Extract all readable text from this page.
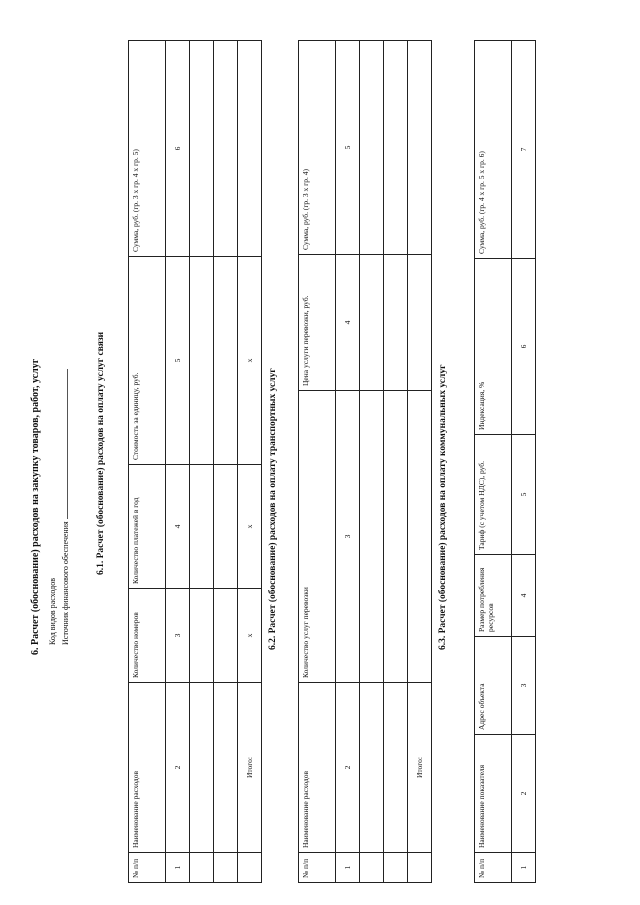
6. Расчет (обоснование) расходов на закупку товаров, работ, услуг Код видов расходов Источник финансового обеспечения
6.1. Расчет (обоснование) расходов на оплату услуг связи
№ п/п	Наименование расходов	Количество номеров	Количество платежей в год	Стоимость за единицу, руб.	Сумма, руб. (гр. 3 x гр. 4 x гр. 5)
1	2	3	4	5	6

	Итого:	х	х	х	
6.2. Расчет (обоснование) расходов на оплату транспортных услуг
№ п/п	Наименование расходов	Количество услуг перевозки	Цена услуги перевозки, руб.	Сумма, руб. (гр. 3 x гр. 4)
1	2	3	4	5

	Итого:			
6.3. Расчет (обоснование) расходов на оплату коммунальных услуг
№ п/п	Наименование показателя	Адрес объекта	Размер потребления ресурсов	Тариф (с учетом НДС), руб.	Индексация, %	Сумма, руб. (гр. 4 x гр. 5 x гр. 6)
1	2	3	4	5	6	7
